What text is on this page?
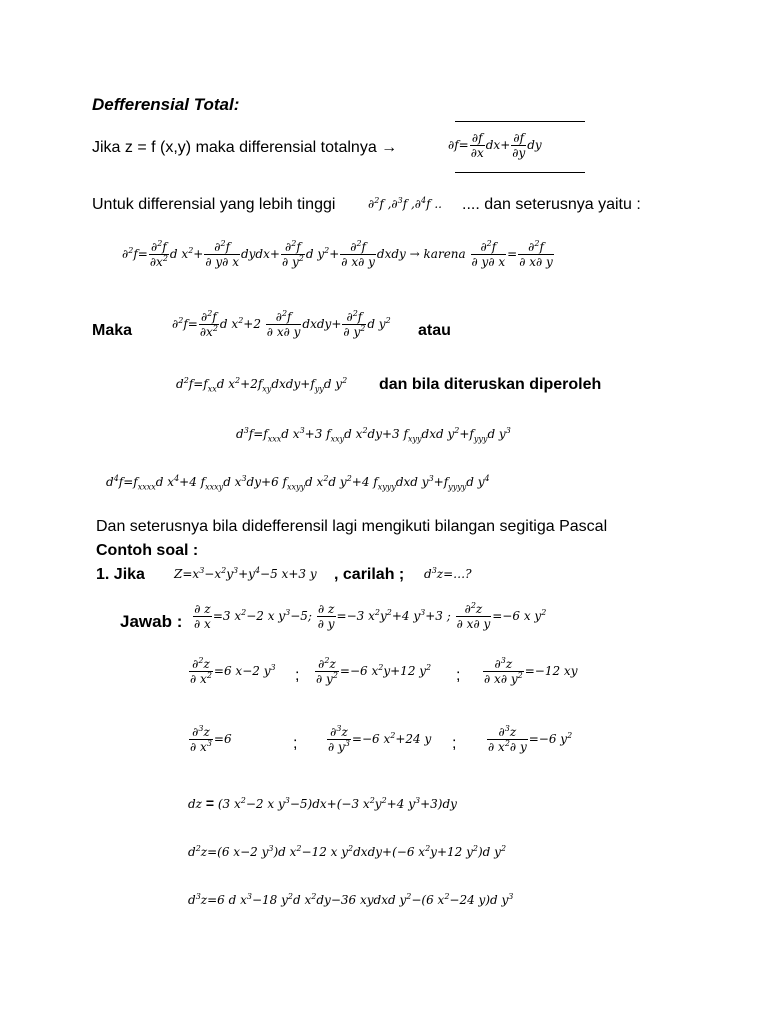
Defferensial Total:
Jika z = f (x,y) maka differensial totalnya →	$\partial f= \frac{\partial f}{\partial x} dx+ \frac{\partial f}{\partial y}$ dy
Untuk differensial yang lebih tinggi	∂$^2$f ,∂$^3$f ,∂$^4$f .. .... dan seterusnya yaitu :
$\partial^2f= \frac{\partial^2f}{\partial x^2}$ d $x^2+ \frac{\partial^2f}{\partial y\partial x}$ dydx+ $\frac{\partial^2f}{\partial y^2}$ d $y^2+ \frac{\partial^2f}{\partial x\partial y}$ dxdy → karena $\frac{\partial^2f}{\partial y\partial x} = \frac{\partial^2f}{\partial x\partial y}$
Maka	$\partial^2f= \frac{\partial^2f}{\partial x^2}$ d $x^2+2 \frac{\partial^2f}{\partial x\partial y}$ dxdy+ $\frac{\partial^2f}{\partial y^2}$ d $y^2$
atau
$d^2f=f_{xx}d$ $x^2+2f_{xy}dxdy+f_{yy}d$ $y^2$ dan bila diteruskan diperoleh
$d^3f=f_{xxx}d$ $x^3+3$ $f_{xxy}d$ $x^2dy+3$ $f_{xyy}dxd$ $y^2+f_{yyy}d$ $y^3$
$d^4f=f_{xxxx}d$ $x^4+4$ $f_{xxxy}d$ $x^3dy+6$ $f_{xxyy}d$ $x^2d$ $y^2+4$ $f_{xyyy}dxd$ $y^3+f_{yyyy}d$ $y^4$
Dan seterusnya bila didefferensil lagi mengikuti bilangan segitiga Pascal
Contoh soal :
1. Jika $Z=x^3-x^2y^3+y^4-5$ x+3 y , carilah ; $d^3z=\dots$?
Jawab : $\frac{\partial z}{\partial x} =3$ $x^2-2$ x $y^3-5$; $\frac{\partial z}{\partial y} =-3$ $x^2y^2+4$ $y^3+3$ ; $\frac{\partial^2z}{\partial x\partial y} =-6$ x $y^2$
$\frac{\partial^2z}{\partial x^2} =6$ x−2 $y^3$ ; $\frac{\partial^2z}{\partial y^2} =-6$ $x^2y+12$ $y^2$ ; $\frac{\partial^3z}{\partial x\partial y^2} =-12$ xy
$\frac{\partial^3z}{\partial x^3} =6$	; $\frac{\partial^3z}{\partial y^3} =-6$ $x^2+24$ y ;	$\frac{\partial^3z}{\partial x^2\partial y} =-6$ $y^2$
dz = (3 $x^2-2$ x $y^3-5)dx+(-3$ $x^2y^2+4$ $y^3+3)dy$
$d^2z=(6$ x−2 $y^3)d$ $x^2-12$ x $y^2dxdy+(-6$ $x^2y+12$ $y^2)d$ $y^2$
$d^3z=6$ d $x^3-18$ $y^2d$ $x^2dy-36$ xydxd $y^2-(6$ $x^2-24$ y)d $y^3$
